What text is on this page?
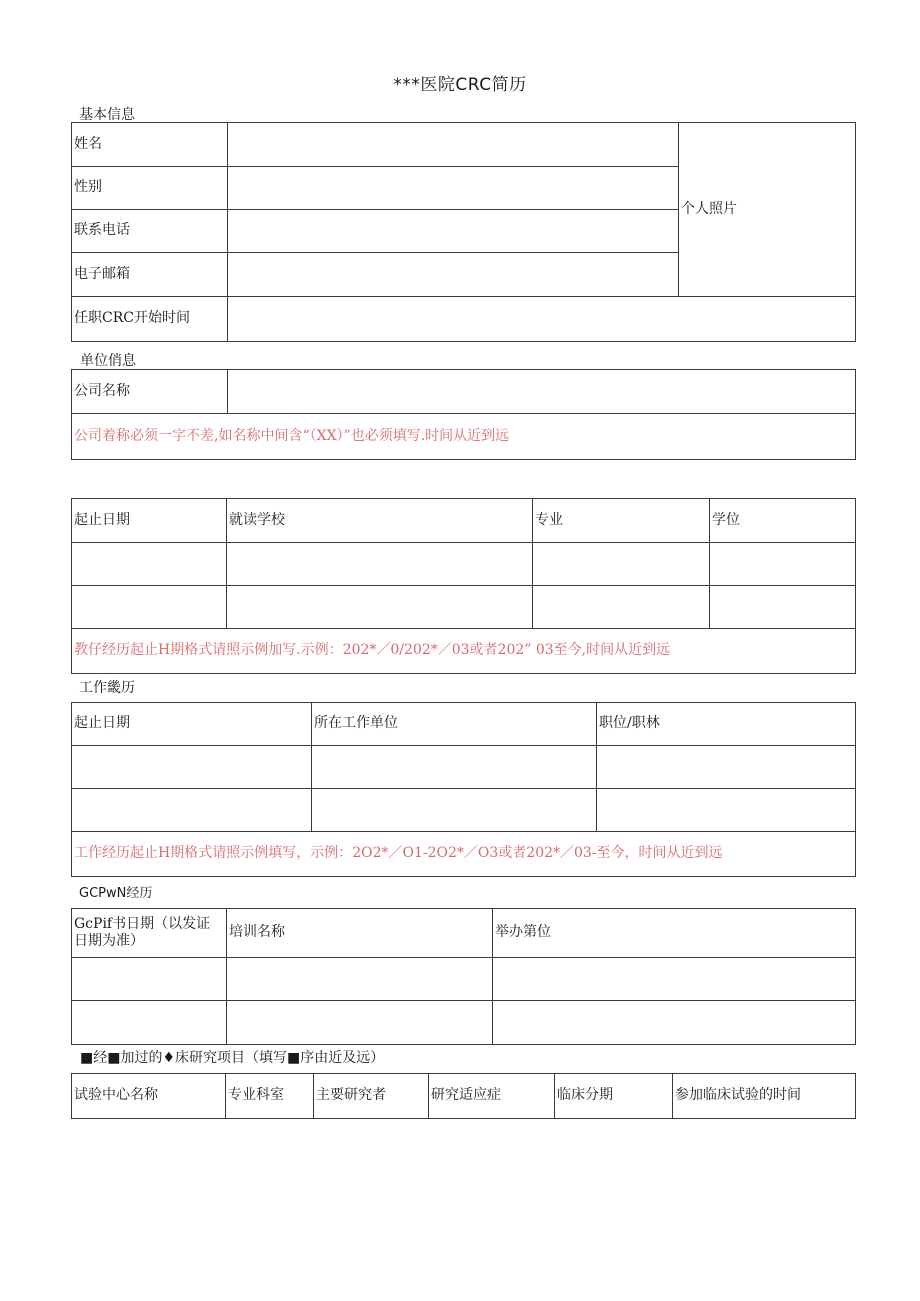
***医院CRC简历
基本信息
姓名		个人照片
性别		
联系电话		
电子邮箱		
任职CRC开始时间		
单位俏息
公司名称	
公司着称必须一字不差,如名称中间含“（XX）”也必须填写.时间从近到远
起止日期	就读学校	专业	学位

教仔经历起止H期格式请照示例加写.示例：202*／0/202*／03或者202” 03至今,时间从近到远			
工作畿历
起止日期	所在工作单位	职位/职林

工作经历起止H期格式请照示例填写，示例：2O2*／O1-2O2*／O3或者202*／03-至今，时间从近到远		
GCPwN经历
GcPif书日期（以发证日期为准）	培训名称	举办第位

■经■加过的♦床研究项目（填写■序由近及远）
试验中心名称	专业科室	主要研究者	研究适应症	临床分期	参加临床试验的时间
